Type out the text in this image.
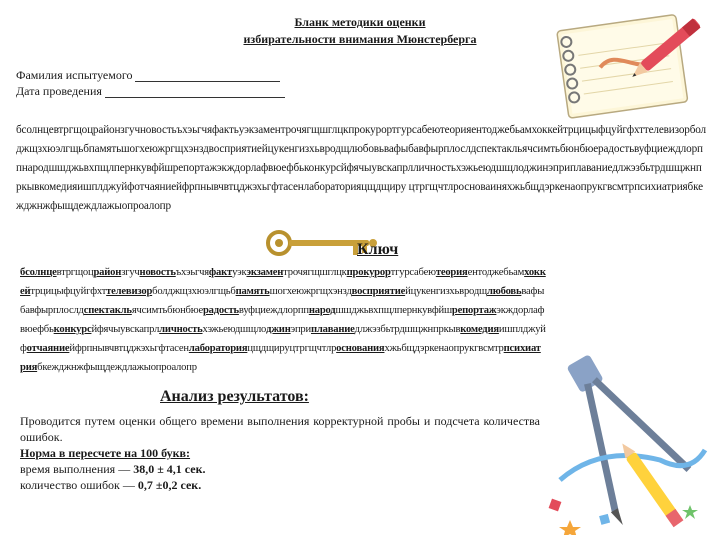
Бланк методики оценки
избирательности внимания Мюнстерберга
Фамилия испытуемого
Дата проведения
бсолнцевтргщоцрайонзгучновостьъхэьгчяфактьуэкзаментрочягщшглцкпрокурортгурсабеютеорияентоджебьамхоккейтрцицыфцуйгфхттелевизорболджщзхюэлгщьбпамятьшогхеюжргщхэнздвосприятиейцукенгизхьвродщлюбовьвафыбавфырплослдспектакльячсимтьбюнбюерадостьвуфциеждлорппнародшшджьвхпщлпернкувфйшрепортажэкждорлафвюефбьконкурсйфячыувскапрлличностьхэжьеюдшщлоджинэприплаваниедлжэзбьтрдшщжнпркывкомедияишплджуйфотчаяниейфрпнывчвтцджэхьгфтасенлабораторияцщдщиру цтргщчтлросноваиняхжьбщдэркенаопрукгвсмтрпсихиатриябкежджнжфыщдеждлажыопроалопр
Ключ
бсолнцевтргщоцрайонзгучновостьъхэьгчяфактуэкэкзаментрочягщшглцкпрокурортгурсабеютеорияентоджебьамхоккейтрцицыфцуйгфхттелевизорболджщзхюэлгщьбпамятьшогхеюжргщхэнздвосприятиейцукенгизхьвродщлюбовьвафыбавфырплослдспектакльячсимтьбюнбюерадостьвуфциеждлорппнародшшджьвхпщлпернкувфйшрепортажэкждорлафвюефбьконкурсйфячыувскапрлличностьхэжьеюдшщлоджинэприплаваниедлжэзбьтрдшщжнпркывкомедияишплджуйфотчаяниейфрпнывчвтцджэхьгфтасенлабораторияцщдщируцтргщчтлроснованияхжьбщдэркенаопрукгвсмтрпсихиатриябкежджнжфыщдеждлажыопроалопр
Анализ результатов:
Проводится путем оценки общего времени выполнения корректурной пробы и подсчета количества ошибок.
Норма в пересчете на 100 букв:
время выполнения — 38,0 ± 4,1 сек.
количество ошибок — 0,7 ±0,2 сек.
